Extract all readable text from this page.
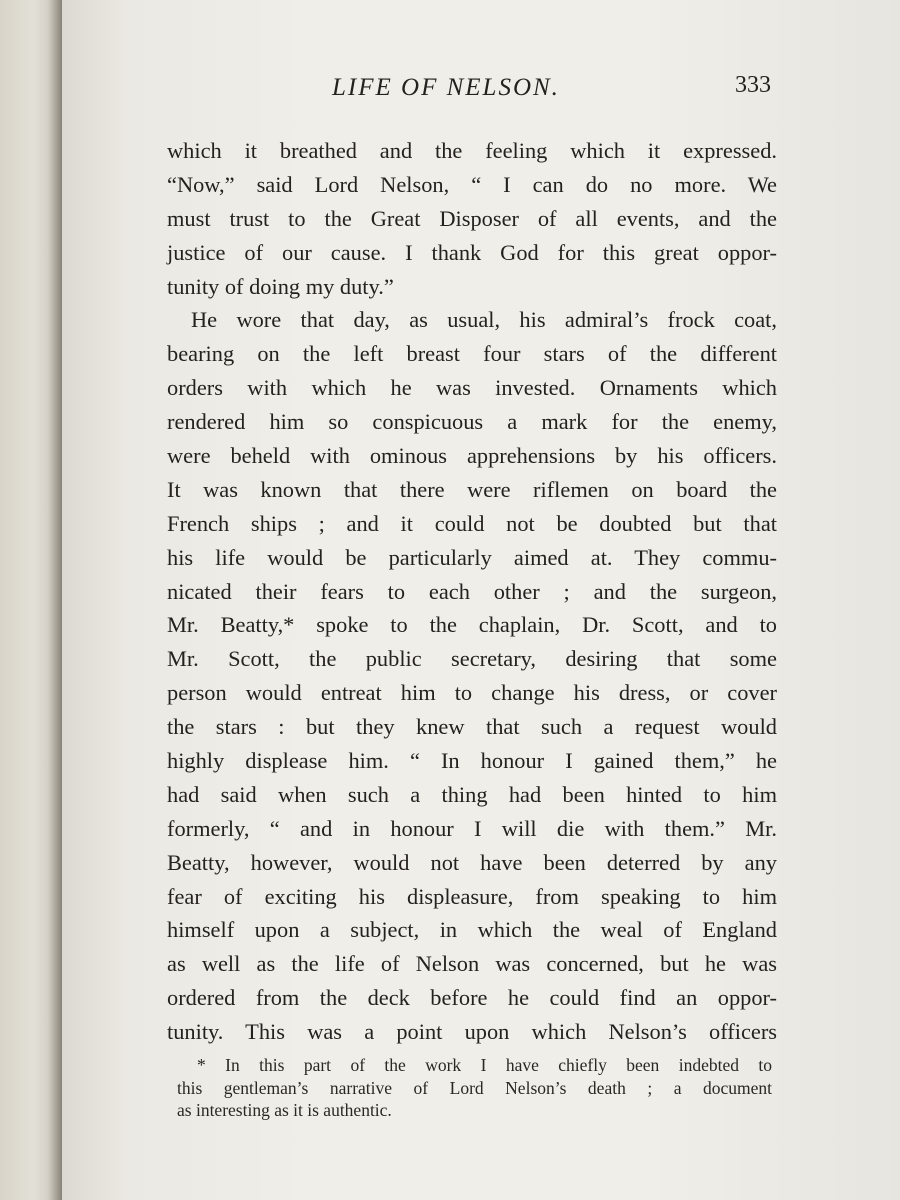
LIFE OF NELSON.	333
which it breathed and the feeling which it expressed.
“Now,” said Lord Nelson, “ I can do no more. We
must trust to the Great Disposer of all events, and the
justice of our cause. I thank God for this great oppor-
tunity of doing my duty.”
He wore that day, as usual, his admiral’s frock coat,
bearing on the left breast four stars of the different
orders with which he was invested. Ornaments which
rendered him so conspicuous a mark for the enemy,
were beheld with ominous apprehensions by his officers.
It was known that there were riflemen on board the
French ships ; and it could not be doubted but that
his life would be particularly aimed at. They commu-
nicated their fears to each other ; and the surgeon,
Mr. Beatty,* spoke to the chaplain, Dr. Scott, and to
Mr. Scott, the public secretary, desiring that some
person would entreat him to change his dress, or cover
the stars : but they knew that such a request would
highly displease him. “ In honour I gained them,” he
had said when such a thing had been hinted to him
formerly, “ and in honour I will die with them.” Mr.
Beatty, however, would not have been deterred by any
fear of exciting his displeasure, from speaking to him
himself upon a subject, in which the weal of England
as well as the life of Nelson was concerned, but he was
ordered from the deck before he could find an oppor-
tunity. This was a point upon which Nelson’s officers
* In this part of the work I have chiefly been indebted to
this gentleman’s narrative of Lord Nelson’s death ; a document
as interesting as it is authentic.
